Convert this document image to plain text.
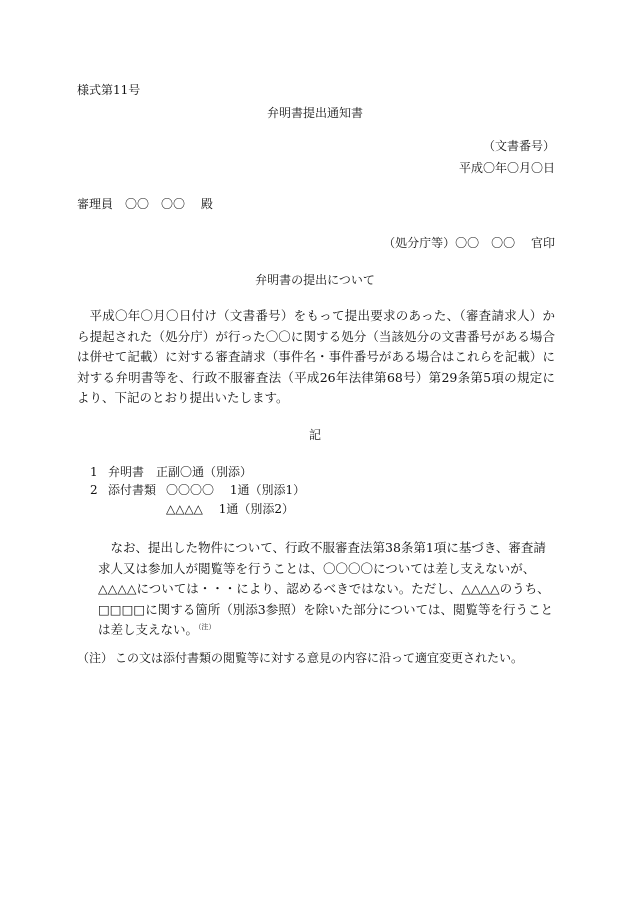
様式第11号
弁明書提出通知書
（文書番号）
平成〇年〇月〇日
審理員　〇〇　〇〇　 殿
（処分庁等）〇〇　〇〇　 官印
弁明書の提出について
平成〇年〇月〇日付け（文書番号）をもって提出要求のあった、（審査請求人）から提起された（処分庁）が行った〇〇に関する処分（当該処分の文書番号がある場合は併せて記載）に対する審査請求（事件名・事件番号がある場合はこれらを記載）に対する弁明書等を、行政不服審査法（平成26年法律第68号）第29条第5項の規定により、下記のとおり提出いたします。
記
1 弁明書　正副〇通（別添）
2 添付書類 〇〇〇〇　 1通（別添1）
△△△△　 1通（別添2）
なお、提出した物件について、行政不服審査法第38条第1項に基づき、審査請求人又は参加人が閲覧等を行うことは、〇〇〇〇については差し支えないが、△△△△については・・・により、認めるべきではない。ただし、△△△△のうち、□□□□に関する箇所（別添3参照）を除いた部分については、閲覧等を行うことは差し支えない。$^{(注)}$
（注） この文は添付書類の閲覧等に対する意見の内容に沿って適宜変更されたい。
